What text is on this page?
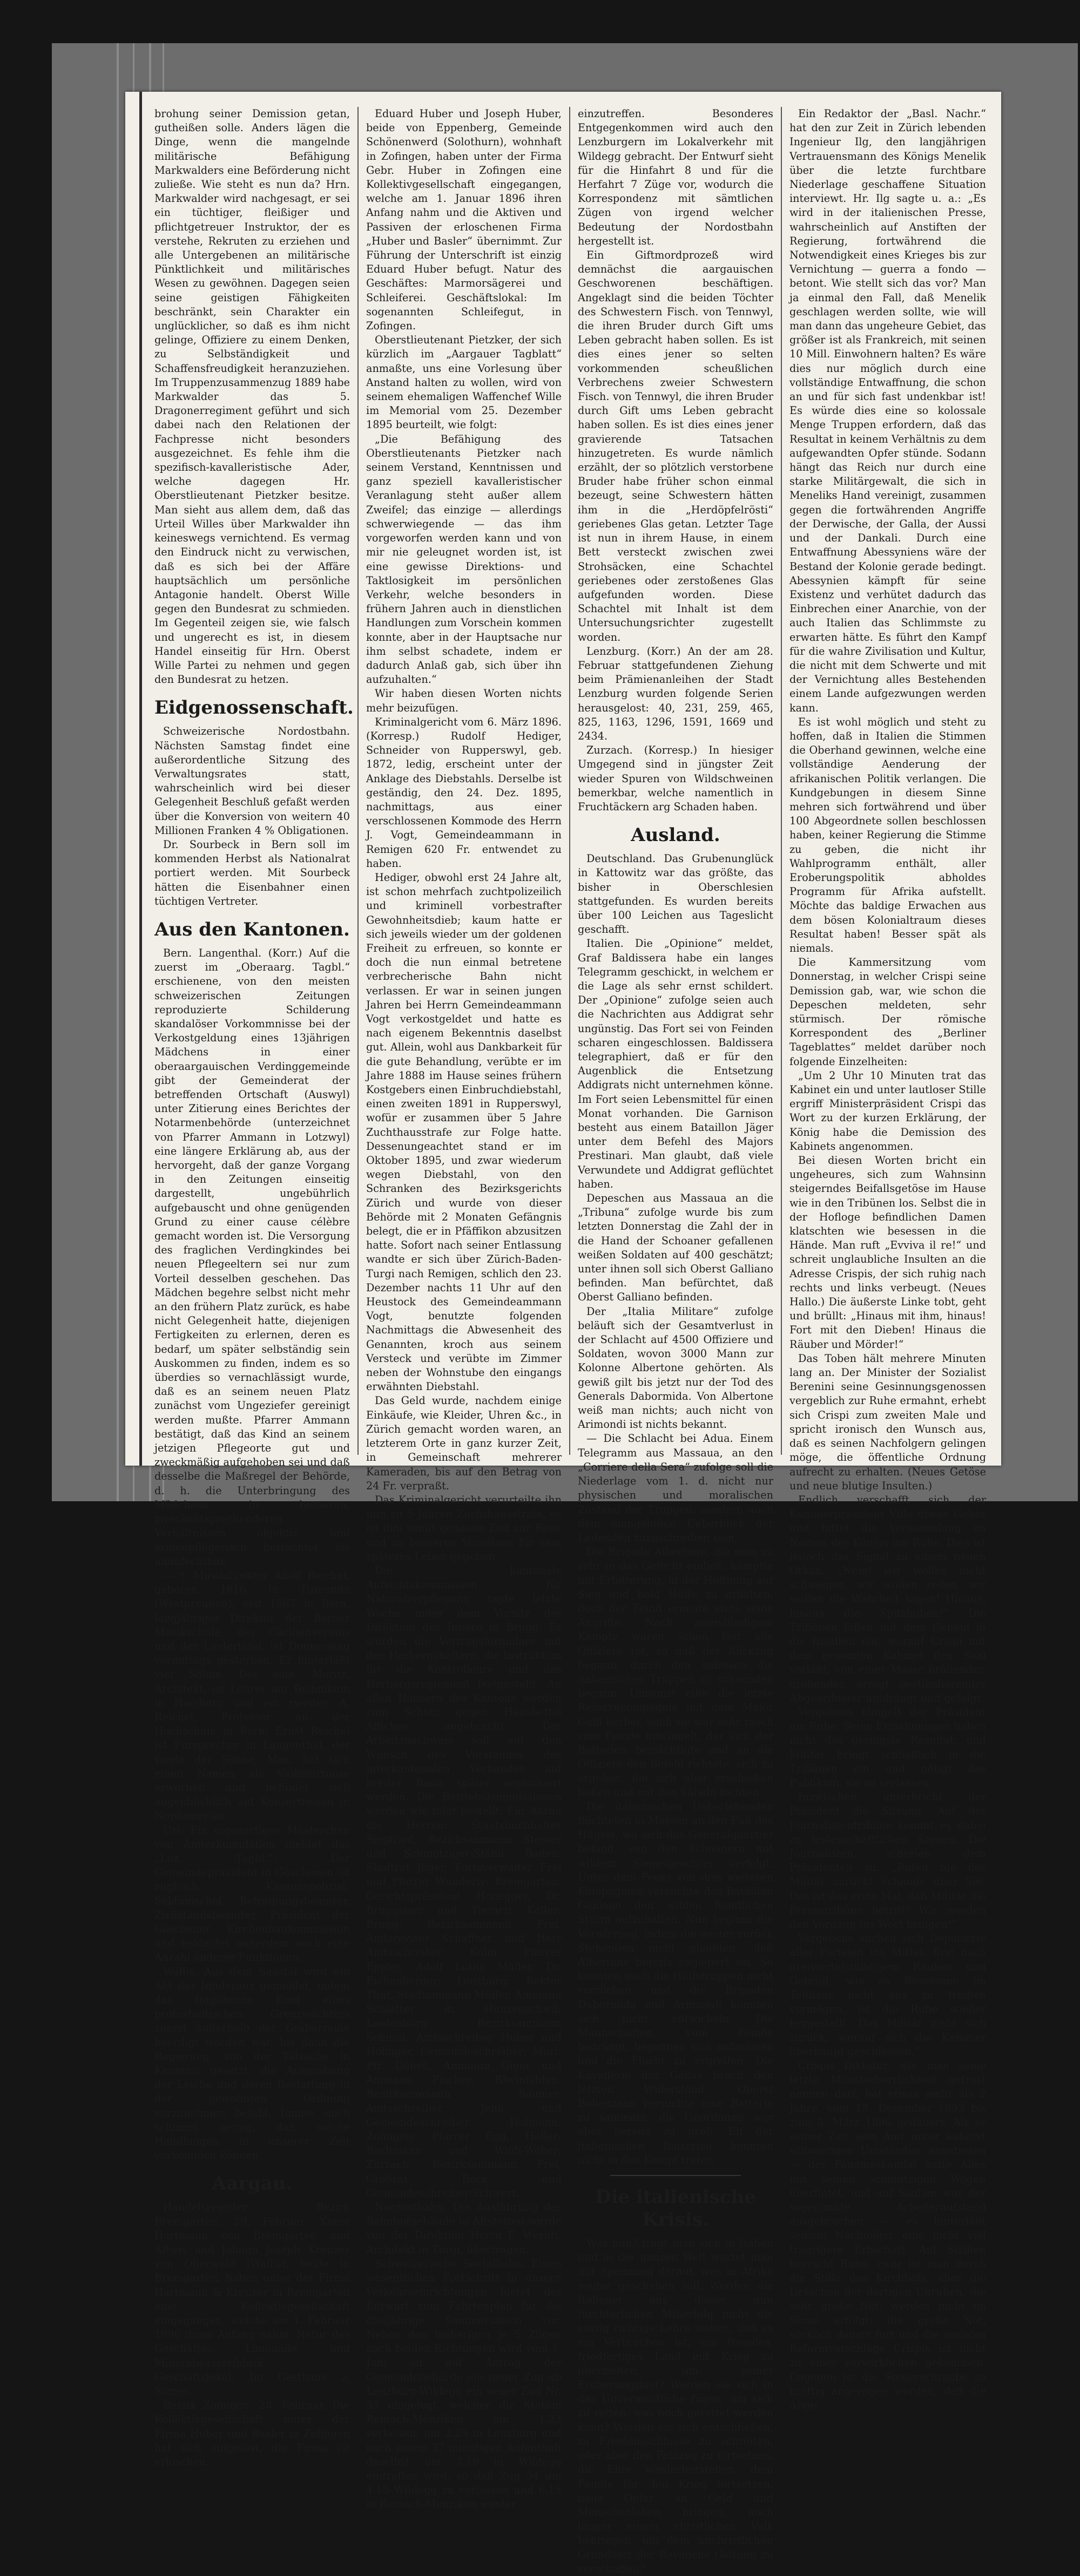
brohung seiner Demission getan, gutheißen solle. Anders lägen die Dinge, wenn die mangelnde militärische Befähigung Markwalders eine Beförderung nicht zuließe. Wie steht es nun da? Hrn. Markwalder wird nachgesagt, er sei ein tüchtiger, fleißiger und pflichtgetreuer Instruktor, der es verstehe, Rekruten zu erziehen und alle Untergebenen an militärische Pünktlichkeit und militärisches Wesen zu gewöhnen. Dagegen seien seine geistigen Fähigkeiten beschränkt, sein Charakter ein unglücklicher, so daß es ihm nicht gelinge, Offiziere zu einem Denken, zu Selbständigkeit und Schaffensfreudigkeit heranzuziehen. Im Truppenzusammenzug 1889 habe Markwalder das 5. Dragonerregiment geführt und sich dabei nach den Relationen der Fachpresse nicht besonders ausgezeichnet. Es fehle ihm die spezifisch-kavalleristische Ader, welche dagegen Hr. Oberstlieutenant Pietzker besitze. Man sieht aus allem dem, daß das Urteil Willes über Markwalder ihn keineswegs vernichtend. Es vermag den Eindruck nicht zu verwischen, daß es sich bei der Affäre hauptsächlich um persönliche Antagonie handelt. Oberst Wille gegen den Bundesrat zu schmieden. Im Gegenteil zeigen sie, wie falsch und ungerecht es ist, in diesem Handel einseitig für Hrn. Oberst Wille Partei zu nehmen und gegen den Bundesrat zu hetzen.

Eidgenossenschaft.

Schweizerische Nordostbahn. Nächsten Samstag findet eine außerordentliche Sitzung des Verwaltungsrates statt, wahrscheinlich wird bei dieser Gelegenheit Beschluß gefaßt werden über die Konversion von weitern 40 Millionen Franken 4 % Obligationen.

Dr. Sourbeck in Bern soll im kommenden Herbst als Nationalrat portiert werden. Mit Sourbeck hätten die Eisenbahner einen tüchtigen Vertreter.

Aus den Kantonen.

Bern. Langenthal. (Korr.) Auf die zuerst im „Oberaarg. Tagbl.“ erschienene, von den meisten schweizerischen Zeitungen reproduzierte Schilderung skandalöser Vorkommnisse bei der Verkostgeldung eines 13jährigen Mädchens in einer oberaargauischen Verdinggemeinde gibt der Gemeinderat der betreffenden Ortschaft (Auswyl) unter Zitierung eines Berichtes der Notarmenbehörde (unterzeichnet von Pfarrer Ammann in Lotzwyl) eine längere Erklärung ab, aus der hervorgeht, daß der ganze Vorgang in den Zeitungen einseitig dargestellt, ungebührlich aufgebauscht und ohne genügenden Grund zu einer cause célèbre gemacht worden ist. Die Versorgung des fraglichen Verdingkindes bei neuen Pflegeeltern sei nur zum Vorteil desselben geschehen. Das Mädchen begehre selbst nicht mehr an den frühern Platz zurück, es habe nicht Gelegenheit hatte, diejenigen Fertigkeiten zu erlernen, deren es bedarf, um später selbständig sein Auskommen zu finden, indem es so überdies so vernachlässigt wurde, daß es an seinem neuen Platz zunächst vom Ungeziefer gereinigt werden mußte. Pfarrer Ammann bestätigt, daß das Kind an seinem jetzigen Pflegeorte gut und zweckmäßig aufgehoben sei und daß desselbe die Maßregel der Behörde, d. h. die Unterbringung des Mädchens in besseren, zweckentsprechenderen Verhältnissen objektiv und armenpflegerisch betrachtet als unanfechtbar.

— † Musikdirektor Adolf Reichel, geboren 1816 in Turosnitz (Westpreußen), seit 1867 in Bern, langjähriger Direktor der Berner Musikschule, des Cäcilienvereins und der Liedertafel, ist Donnerstag vormittags gestorben. Er hinterläßt vier Söhne. Der eine, Moritz, Architekt, ist Lehrer am Technikum in Hamburg und ein zweiter, A. Reichel, Professor an der Hochschule in Bern; Ernst Reichel ist Fürsprecher in Langenthal, der vierte der Söhne, Max, hat sich einen Namen als Violinvirtuose erworben und befindet sich augenblicklich auf Konzertreisen in Nordamerika.

Uri. Ein eigenartiges Müsterchen von Ämterkumulation meldet das „Luz. Tagbl.“: Der Gemeindepräsident in Göschenen ist zugleich Kantonspolizist, Sektionschef, Betreibungsbeamter, Zivilstandsbeamter, Präsident der Göschener Kirchenbaukommission und bekleidet außerdem noch eine Anzahl anderer Funktionen.

Wallis. Aus dem Saastal wird ein Akt der Intoleranz gemeldet, indem das totgeborne Kind eines protestantischen Grenzwächters zuerst außerhalb der Gräberreihe beerdigt worden war, bis dann die Regierung, von der Tatsache in Kenntnis gesetzt, die Ausgrabung der Leiche und deren Bestattung in der gewohnten Ordnung vorzunehmen befahl. Immer noch schlimm genug, daß solche Handlungen in unserer Zeit vorkommen können.

Aargau.

Handelsregister. Bezirk Bremgarten. 29. Februar. Xaver Hartmann von Bremgarten und Altwis und Johann Joseph Kreuzer von Oberwald (Wallis), beide in Bremgarten, haben unter der Firma Hartmann & Kreuzer in Bremgarten eine Kollektivgesellschaft eingegangen, welche am 1. Februar 1896 ihren Anfang nahm. Natur des Geschäftes: Limonade- und Mineralwasserfabrik. Geschäftslokal: Im Gasthaus z. Sonne.

Bezirk Zofingen. 28. Februar. Die Kollektivgesellschaft unter der Firma Huber und Basler in Zofingen hat sich aufgelöst, die Firma ist erloschen.

Eduard Huber und Joseph Huber, beide von Eppenberg, Gemeinde Schönenwerd (Solothurn), wohnhaft in Zofingen, haben unter der Firma Gebr. Huber in Zofingen eine Kollektivgesellschaft eingegangen, welche am 1. Januar 1896 ihren Anfang nahm und die Aktiven und Passiven der erloschenen Firma „Huber und Basler“ übernimmt. Zur Führung der Unterschrift ist einzig Eduard Huber befugt. Natur des Geschäftes: Marmorsägerei und Schleiferei. Geschäftslokal: Im sogenannten Schleifegut, in Zofingen.

Oberstlieutenant Pietzker, der sich kürzlich im „Aargauer Tagblatt“ anmaßte, uns eine Vorlesung über Anstand halten zu wollen, wird von seinem ehemaligen Waffenchef Wille im Memorial vom 25. Dezember 1895 beurteilt, wie folgt:

„Die Befähigung des Oberstlieutenants Pietzker nach seinem Verstand, Kenntnissen und ganz speziell kavalleristischer Veranlagung steht außer allem Zweifel; das einzige — allerdings schwerwiegende — das ihm vorgeworfen werden kann und von mir nie geleugnet worden ist, ist eine gewisse Direktions- und Taktlosigkeit im persönlichen Verkehr, welche besonders in frühern Jahren auch in dienstlichen Handlungen zum Vorschein kommen konnte, aber in der Hauptsache nur ihm selbst schadete, indem er dadurch Anlaß gab, sich über ihn aufzuhalten.“

Wir haben diesen Worten nichts mehr beizufügen.

Kriminalgericht vom 6. März 1896. (Korresp.) Rudolf Hediger, Schneider von Rupperswyl, geb. 1872, ledig, erscheint unter der Anklage des Diebstahls. Derselbe ist geständig, den 24. Dez. 1895, nachmittags, aus einer verschlossenen Kommode des Herrn J. Vogt, Gemeindeammann in Remigen 620 Fr. entwendet zu haben.

Hediger, obwohl erst 24 Jahre alt, ist schon mehrfach zuchtpolizeilich und kriminell vorbestrafter Gewohnheitsdieb; kaum hatte er sich jeweils wieder um der goldenen Freiheit zu erfreuen, so konnte er doch die nun einmal betretene verbrecherische Bahn nicht verlassen. Er war in seinen jungen Jahren bei Herrn Gemeindeammann Vogt verkostgeldet und hatte es nach eigenem Bekenntnis daselbst gut. Allein, wohl aus Dankbarkeit für die gute Behandlung, verübte er im Jahre 1888 im Hause seines frühern Kostgebers einen Einbruchdiebstahl, einen zweiten 1891 in Rupperswyl, wofür er zusammen über 5 Jahre Zuchthausstrafe zur Folge hatte. Dessenungeachtet stand er im Oktober 1895, und zwar wiederum wegen Diebstahl, von den Schranken des Bezirksgerichts Zürich und wurde von dieser Behörde mit 2 Monaten Gefängnis belegt, die er in Pfäffikon abzusitzen hatte. Sofort nach seiner Entlassung wandte er sich über Zürich-Baden-Turgi nach Remigen, schlich den 23. Dezember nachts 11 Uhr auf den Heustock des Gemeindeammann Vogt, benutzte folgenden Nachmittags die Abwesenheit des Genannten, kroch aus seinem Versteck und verübte im Zimmer neben der Wohnstube den eingangs erwähnten Diebstahl.

Das Geld wurde, nachdem einige Einkäufe, wie Kleider, Uhren &c., in Zürich gemacht worden waren, an letzterem Orte in ganz kurzer Zeit, in Gemeinschaft mehrerer Kameraden, bis auf den Betrag von 24 Fr. verpraßt.

Das Kriminalgericht verurteilte ihn nun zu 5 Jahren Zuchthausstrafe, es ist ihm somit genaune Zeit zur Reue und zu besseren Vorsätzen für sein späteres Leben gegeben.

Die kantonale Aufsichtskommission für Naturalverpflegung tagte letzte Woche unter dem Vorsitz der Direktion des Innern in Brugg. Es wurden die Vertragsformulare mit den Herbergshaltern, die Instruktion für die Kontrolleure und das Herbergsreglement festgestellt. An allen Häusern des Kantons werden zum Schutz gegen Hausbettel Affichen angebracht. Der Arbeitsnachweis soll auf den Wunsch des Vorstandes des interkantonalen Verbandes auf breiter Basis später organisiert werden. Die Betriebskommissionen werden wie folgt bestellt: Für Aarau die Herren: Staatsbuchhalter Siegfried, Bezirksammann Steiner und Schmutziger-Stähli; Baden: Stadtrat Jäger, Fortsverwalter Frei und Pfarrer Wunderly; Bremgarten: Gerichtspräsident Honegger, Dr. Bruggisser und Tierarzt Keller; Brugg: Bezirksammann Frei, Amtsrevisor Schaffner und Herr Amtsschreiber; Kulm: Pfarrer Eppler, Adolf Lüthy Müller, Dr. Eichenberger; Lenzburg: Rektor Thut, Stadtammann Müller, Ammann Schlatter in Hunzenschwil; Laufenburg: Bezirksammann Schmid, Amtsschreiber Huber und Holinger, Gemeindeschreiber; Muri: Pfr. Döbeli, Ammann Giger und Ammann Fischer; Rheinfelden: Bezirksammann Baumer, Amtsschreiber Jehli und Gemeindeschreiber Hofmann; Zofingen: Pfarrer Egg, Haller-Bachmann und Wildi-Weber; Zurzach: Bezirksammann Frei, Großrat Beck und Gemeindeschreiber Schwert.

Nordostbahn. Die Ausführung der Bahnhofgebäude in Altstetten wurde von der Direktion Herrn F. Wernly, Architekt in Turgi, übertragen.

Schweizerische Seetalbahn. Einen wesentlichen Fortschritt in unsern Verkehrseinrichtungen bietet der Entwurf zum Fahrtenplan für die diesjährige Sommersaison vor. Neben den bisherigen je 5 Zügen nach beiden Richtungen wird vom 1. Juni an auf Antrag der Gemeindebehörde ein neuer Zug ab Lenzburg-Wildegg ein neuer Zug Nr. 53 eingelegt, welcher die Station Reinach-Menziken um 1.23 verlassen, um 2.25 in Lenzburg und nach einem 37 minutigen Aufenthalt daselbst um 3.19 in Wildegg eintreffen wird, so daß Zug 54 um 4.15 Wildegg zu verlassen und 6.15 in Reinach-Menziken wieder

einzutreffen. Besonderes Entgegenkommen wird auch den Lenzburgern im Lokalverkehr mit Wildegg gebracht. Der Entwurf sieht für die Hinfahrt 8 und für die Herfahrt 7 Züge vor, wodurch die Korrespondenz mit sämtlichen Zügen von irgend welcher Bedeutung der Nordostbahn hergestellt ist.

Ein Giftmordprozeß wird demnächst die aargauischen Geschworenen beschäftigen. Angeklagt sind die beiden Töchter des Schwestern Fisch. von Tennwyl, die ihren Bruder durch Gift ums Leben gebracht haben sollen. Es ist dies eines jener so selten vorkommenden scheußlichen Verbrechens zweier Schwestern Fisch. von Tennwyl, die ihren Bruder durch Gift ums Leben gebracht haben sollen. Es ist dies eines jener gravierende Tatsachen hinzugetreten. Es wurde nämlich erzählt, der so plötzlich verstorbene Bruder habe früher schon einmal bezeugt, seine Schwestern hätten ihm in die „Herdöpfelrösti“ geriebenes Glas getan. Letzter Tage ist nun in ihrem Hause, in einem Bett versteckt zwischen zwei Strohsäcken, eine Schachtel geriebenes oder zerstoßenes Glas aufgefunden worden. Diese Schachtel mit Inhalt ist dem Untersuchungsrichter zugestellt worden.

Lenzburg. (Korr.) An der am 28. Februar stattgefundenen Ziehung beim Prämienanleihen der Stadt Lenzburg wurden folgende Serien herausgelost: 40, 231, 259, 465, 825, 1163, 1296, 1591, 1669 und 2434.

Zurzach. (Korresp.) In hiesiger Umgegend sind in jüngster Zeit wieder Spuren von Wildschweinen bemerkbar, welche namentlich in Fruchtäckern arg Schaden haben.

Ausland.

Deutschland. Das Grubenunglück in Kattowitz war das größte, das bisher in Oberschlesien stattgefunden. Es wurden bereits über 100 Leichen aus Tageslicht geschafft.

Italien. Die „Opinione“ meldet, Graf Baldissera habe ein langes Telegramm geschickt, in welchem er die Lage als sehr ernst schildert. Der „Opinione“ zufolge seien auch die Nachrichten aus Addigrat sehr ungünstig. Das Fort sei von Feinden scharen eingeschlossen. Baldissera telegraphiert, daß er für den Augenblick die Entsetzung Addigrats nicht unternehmen könne. Im Fort seien Lebensmittel für einen Monat vorhanden. Die Garnison besteht aus einem Bataillon Jäger unter dem Befehl des Majors Prestinari. Man glaubt, daß viele Verwundete und Addigrat geflüchtet haben.

Depeschen aus Massaua an die „Tribuna“ zufolge wurde bis zum letzten Donnerstag die Zahl der in die Hand der Schoaner gefallenen weißen Soldaten auf 400 geschätzt; unter ihnen soll sich Oberst Galliano befinden. Man befürchtet, daß Oberst Galliano befinden.

Der „Italia Militare“ zufolge beläuft sich der Gesamtverlust in der Schlacht auf 4500 Offiziere und Soldaten, wovon 3000 Mann zur Kolonne Albertone gehörten. Als gewiß gilt bis jetzt nur der Tod des Generals Dabormida. Von Albertone weiß man nichts; auch nicht von Arimondi ist nichts bekannt.

— Die Schlacht bei Adua. Einem Telegramm aus Massaua, an den „Corriere della Sera“ zufolge soll die Niederlage vom 1. d. nicht nur physischen und moralischen Zustand der Truppen, sondern auch dem mangelnden Ueberblick der Leitenden zuzuschreiben sein.

Die Brigade Albertone, die man zu sehr in das Gefecht einließ, kämpfte mit Erbitterung, in der Hoffnung auf Sieg und bald Hülfe zu erhalten, doch der Feind erneute stets seine Angriffe. Nach zweistündigem Kampfe waren schon fast alle Offiziere tot, so daß der Rückzug begann, durch den indessen die italienischen Truppen zu schwinden begann. Umsonst eilte die letzte Reservekompagnie mit dem Major Galli herbei, auch sie war sehr rasch vom Feinde umzingelt, der sich der Batterien bemächtigte und an die Offiziere den Befehl richtete, sich zu ergeben, die sich aber erschießen ließen und mit den Säbeln fochten.

Die italienischen Ueberlebenden flüchteten in Massen an den Fuß des Hügels, wo sich das Generalquartier befand, von den Schoanern mit wildem Siegesgeschrei verfolgt. Unter dem Feuer von drei weiteren Kompagnien versuchte das Bataillon Galliano den wilden feindlichen Sturm aufzuhalten. Nun begann die Verwirrung, indem die weiter zurück Stehenden nicht glaubten, daß Albertone bereits engagiert sei. So konnten auch die Hülfstruppen nicht vorrücken und die Brigaden Dabormida und Arimondi konnten sich nicht entwickeln. Die Mannschaften, vom Feinde bedrängt, begannen sich aufzulösen und die Flucht zu ergreifen. Die Kavallerie der Gallas brach den letzten Widerstand. Oberst Ballenzano versuchte eine Batterie zu sammeln; die Unordnung war aber bereits zu groß. Elf der italienischen Batterien konnten nicht in den Kampf treten.

Die italienische Krisis.

Was nun? fragt man sich in Italien und in der ganzen Welt wartet man mit Spannung darauf, was in Afrika weiter geschehen soll. Werden die Italiener aus dieser nun fürchterlichen Mißerfolg nicht die einzig richtige Lehre ziehen, daß es ein Verbrechen ist, ein fremdes, friedfertiges Land mit Krieg zu überziehen, um seiner Eroberungslust? Werden sie sich in das Unvermeidliche fügen, um sich zu retten, was noch gerettet werden kann? Werden sie sich entschließen, zu Friedensschlusse zu schreiten, oder aber den Feldzug zu fortsetzen, die Ehre wiederherstellen, dem Feinde für den Krieg fortsetzen, neue Opfer an Geld und Menschenleben bringen, noch länger einem christlichen Volk bekriegen, um dem unchristlichen Grundsatz der Revanche Geltung zu verschaffen?

Ein Redaktor der „Basl. Nachr.“ hat den zur Zeit in Zürich lebenden Ingenieur Ilg, den langjährigen Vertrauensmann des Königs Menelik über die letzte furchtbare Niederlage geschaffene Situation interviewt. Hr. Ilg sagte u. a.: „Es wird in der italienischen Presse, wahrscheinlich auf Anstiften der Regierung, fortwährend die Notwendigkeit eines Krieges bis zur Vernichtung — guerra a fondo — betont. Wie stellt sich das vor? Man ja einmal den Fall, daß Menelik geschlagen werden sollte, wie will man dann das ungeheure Gebiet, das größer ist als Frankreich, mit seinen 10 Mill. Einwohnern halten? Es wäre dies nur möglich durch eine vollständige Entwaffnung, die schon an und für sich fast undenkbar ist! Es würde dies eine so kolossale Menge Truppen erfordern, daß das Resultat in keinem Verhältnis zu dem aufgewandten Opfer stünde. Sodann hängt das Reich nur durch eine starke Militärgewalt, die sich in Meneliks Hand vereinigt, zusammen gegen die fortwährenden Angriffe der Derwische, der Galla, der Aussi und der Dankali. Durch eine Entwaffnung Abessyniens wäre der Bestand der Kolonie gerade bedingt. Abessynien kämpft für seine Existenz und verhütet dadurch das Einbrechen einer Anarchie, von der auch Italien das Schlimmste zu erwarten hätte. Es führt den Kampf für die wahre Zivilisation und Kultur, die nicht mit dem Schwerte und mit der Vernichtung alles Bestehenden einem Lande aufgezwungen werden kann.

Es ist wohl möglich und steht zu hoffen, daß in Italien die Stimmen die Oberhand gewinnen, welche eine vollständige Aenderung der afrikanischen Politik verlangen. Die Kundgebungen in diesem Sinne mehren sich fortwährend und über 100 Abgeordnete sollen beschlossen haben, keiner Regierung die Stimme zu geben, die nicht ihr Wahlprogramm enthält, aller Eroberungspolitik abholdes Programm für Afrika aufstellt. Möchte das baldige Erwachen aus dem bösen Kolonialtraum dieses Resultat haben! Besser spät als niemals.

Die Kammersitzung vom Donnerstag, in welcher Crispi seine Demission gab, war, wie schon die Depeschen meldeten, sehr stürmisch. Der römische Korrespondent des „Berliner Tageblattes“ meldet darüber noch folgende Einzelheiten:

„Um 2 Uhr 10 Minuten trat das Kabinet ein und unter lautloser Stille ergriff Ministerpräsident Crispi das Wort zu der kurzen Erklärung, der König habe die Demission des Kabinets angenommen.

Bei diesen Worten bricht ein ungeheures, sich zum Wahnsinn steigerndes Beifallsgetöse im Hause wie in den Tribünen los. Selbst die in der Hofloge befindlichen Damen klatschten wie besessen in die Hände. Man ruft „Evviva il re!“ und schreit unglaubliche Insulten an die Adresse Crispis, der sich ruhig nach rechts und links verbeugt. (Neues Hallo.) Die äußerste Linke tobt, geht und brüllt: „Hinaus mit ihm, hinaus! Fort mit den Dieben! Hinaus die Räuber und Mörder!“

Das Toben hält mehrere Minuten lang an. Der Minister der Sozialist Berenini seine Gesinnungsgenossen vergeblich zur Ruhe ermahnt, erhebt sich Crispi zum zweiten Male und spricht ironisch den Wunsch aus, daß es seinen Nachfolgern gelingen möge, die öffentliche Ordnung aufrecht zu erhalten. (Neues Getöse und neue blutige Insulten.)

Endlich verschafft sich der Kammerpräsident Villa etwas Gehör und bittet die Versammlung im Namen des Königs um Ruhe. Dies ist jedoch das Signal zu einem neuen Orkan. „Nein! wir wollen nicht schweigen, wir wollen reden, wir wollen die Wahrheit sagen! Hinaus, hinaus die Spitzbuben!“ Die Tribünen fallen mit dem Geheul in die Insulten ein, worauf Crispi mit dem gesamten Kabinet den Saal verläßt, von einer Masse brüllender, drohender, erregt gestikulierender Abgeordneter umdrängt und gefolgt.

Vergebens klingelt der Präsident um Ruhe. Seine Ermahnungen haben nicht das geringste Resultat, und Militär bringt schließlich in die Tribünen ein und nötigt das Publikum, sie zu verlassen.

Inzwischen unterbricht der Präsident die Sitzung. Auf der Journalistentribüne kommt es dabei zu leidenschaftlichen Szenen. Die Journalisten schreien dem Präsidenten zu: „Rufen Sie das Militär zurück! Schande über Sie! Das ist das erste Mal, daß Militär die Pressetribüne betritt! Wir werden den Vorgang ins Wort bringen!“

Vergebens suchen sich Deputierte aller Parteien ins Mittel. Erst nach dreiviertelstündigem Rauben und Gebrüll, wie es Besessene im Tollhaus nicht aus zu treiben vermögen, ist die Ruhe wieder hergestellt. Das Militär zieht sich zurück, worauf sich die Kammer überhaupt geschlossen.“

Crispis Diktatur, wie man seine letzte Ministerherrlichkeit getrost nennen darf, hat etwas mehr als 2 Jahre, vom 15. Dezember 1893 bis zum 5. März 1896 gedauert. Als er seiner Zeit sein Amt unter äußerst schwierigen Umständen angetreten — der Panamaskandal hatte Alles mit seinen schmutzigen Wogen überflutet, und auf Sizilien war der sogenannte Arbeiteraufstand ausgebrochen — es hinterläßt seinem Nachfolger eine nicht viel traurigere Erbschaft. Auf Sizilien herrscht Ruhe, zwar ist man durch die Stille des Kirchhofs, aber die Ursachen der dortigen Unruhen, die sehr große Not, werden nicht im Sinne erfolgt; die große Not, wirklich dauert fort und die sozialen Reformvorschläge Crispis ist nicht zu einer verwirklichen gekommen. Dagegen ist die Steuerschraube so kräftig angezogen worden, daß die Abge-
